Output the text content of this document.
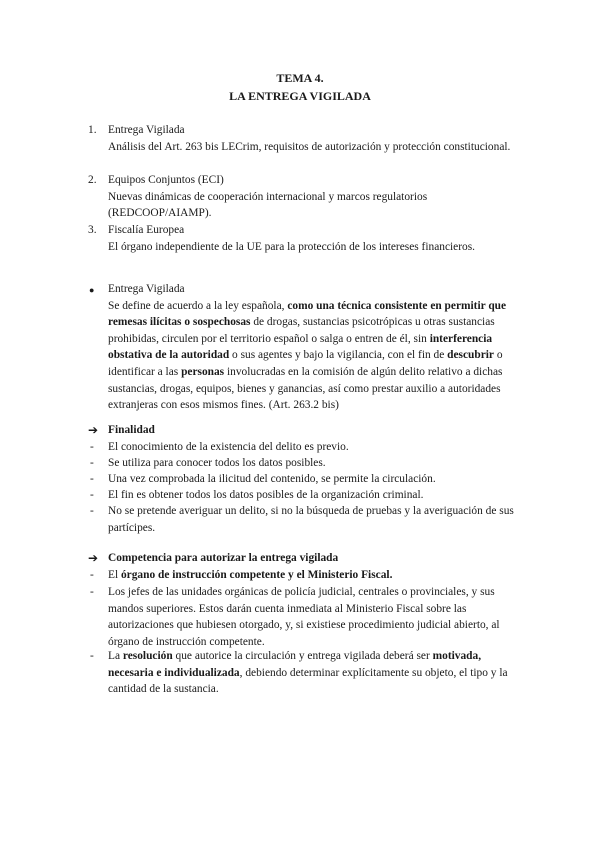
TEMA 4.
LA ENTREGA VIGILADA
1. Entrega Vigilada

Análisis del Art. 263 bis LECrim, requisitos de autorización y protección constitucional.

2. Equipos Conjuntos (ECI)

Nuevas dinámicas de cooperación internacional y marcos regulatorios (REDCOOP/AIAMP).

3. Fiscalía Europea

El órgano independiente de la UE para la protección de los intereses financieros.

● Entrega Vigilada

Se define de acuerdo a la ley española, como una técnica consistente en permitir que remesas ilícitas o sospechosas de drogas, sustancias psicotrópicas u otras sustancias prohibidas, circulen por el territorio español o salga o entren de él, sin interferencia obstativa de la autoridad o sus agentes y bajo la vigilancia, con el fin de descubrir o identificar a las personas involucradas en la comisión de algún delito relativo a dichas sustancias, drogas, equipos, bienes y ganancias, así como prestar auxilio a autoridades extranjeras con esos mismos fines. (Art. 263.2 bis)

➔ Finalidad
- El conocimiento de la existencia del delito es previo.
- Se utiliza para conocer todos los datos posibles.
- Una vez comprobada la ilicitud del contenido, se permite la circulación.
- El fin es obtener todos los datos posibles de la organización criminal.
- No se pretende averiguar un delito, si no la búsqueda de pruebas y la averiguación de sus partícipes.
➔ Competencia para autorizar la entrega vigilada
- El órgano de instrucción competente y el Ministerio Fiscal.
- Los jefes de las unidades orgánicas de policía judicial, centrales o provinciales, y sus mandos superiores. Estos darán cuenta inmediata al Ministerio Fiscal sobre las autorizaciones que hubiesen otorgado, y, si existiese procedimiento judicial abierto, al órgano de instrucción competente.
- La resolución que autorice la circulación y entrega vigilada deberá ser motivada, necesaria e individualizada, debiendo determinar explícitamente su objeto, el tipo y la cantidad de la sustancia.
